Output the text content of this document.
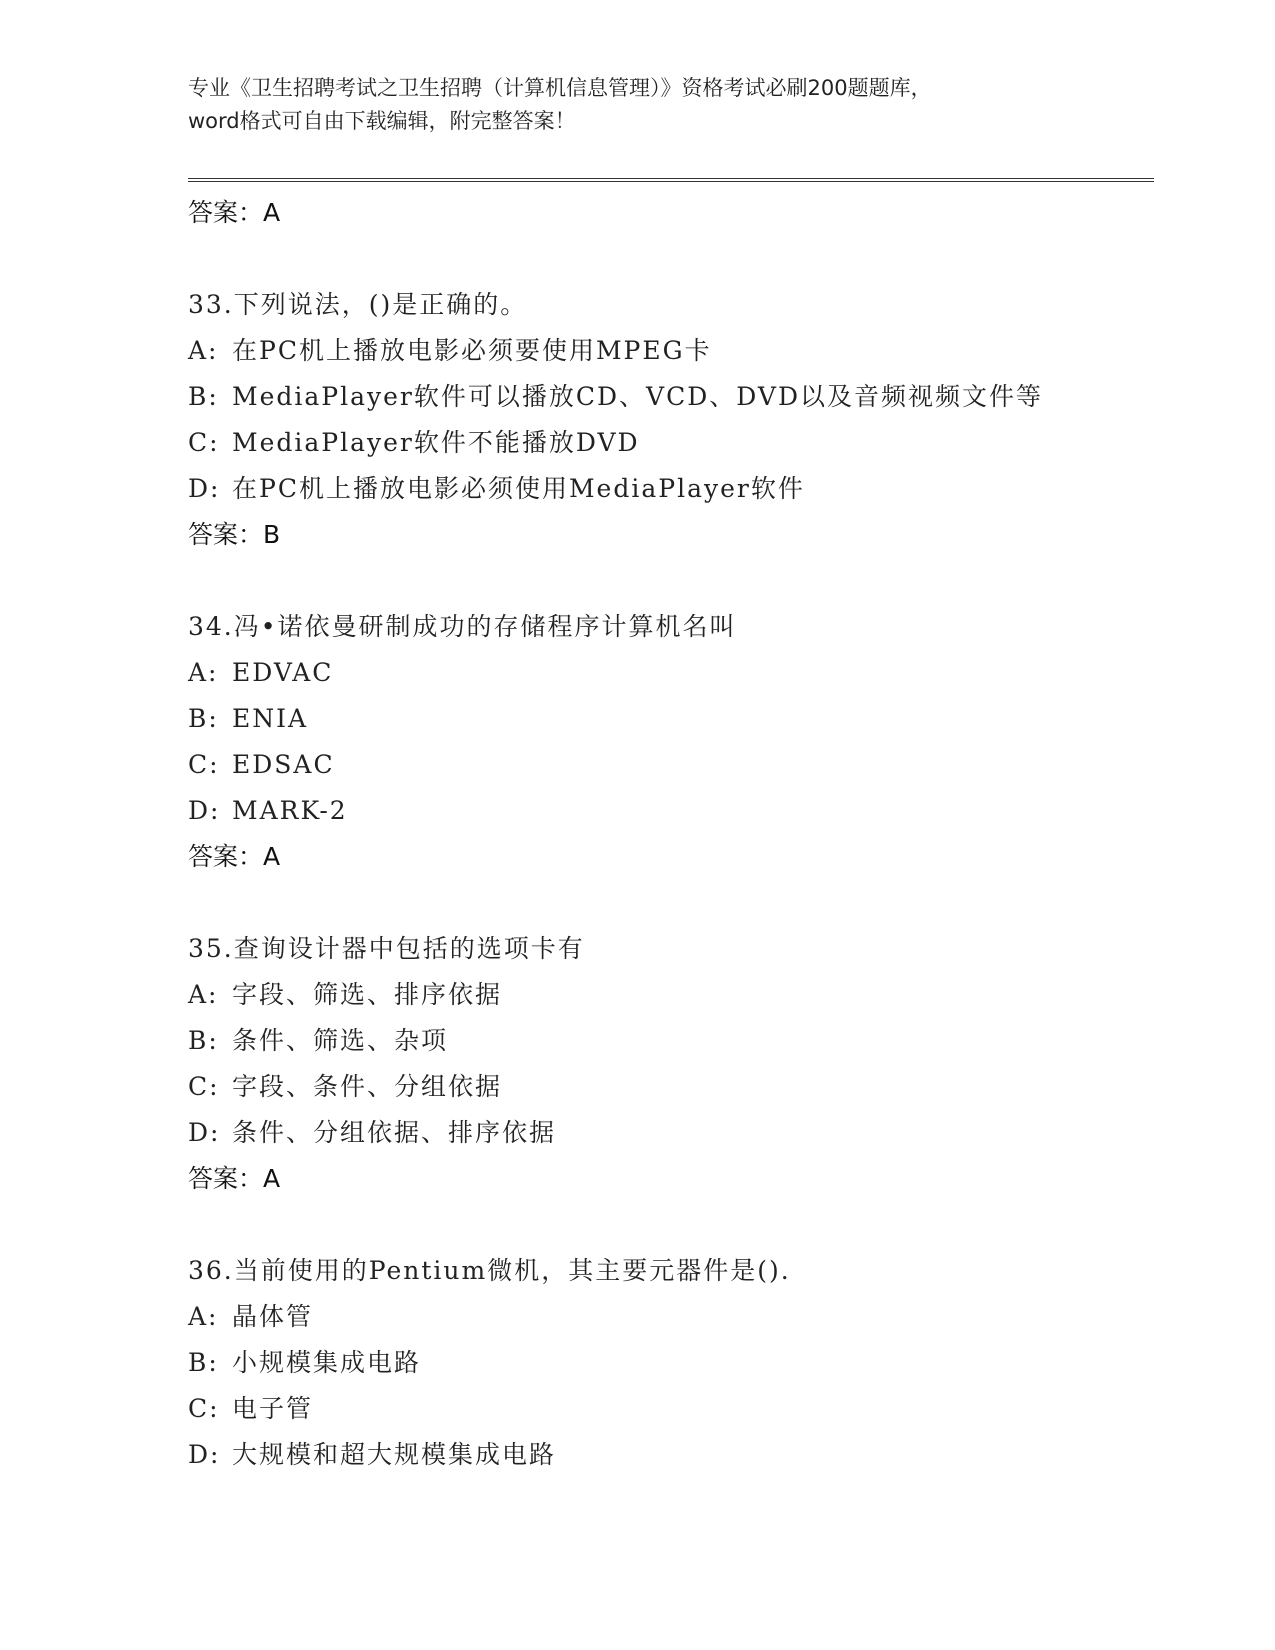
专业《卫生招聘考试之卫生招聘（计算机信息管理）》资格考试必刷200题题库，
word格式可自由下载编辑，附完整答案！
答案：A
33.下列说法，()是正确的。
A: 在PC机上播放电影必须要使用MPEG卡
B: MediaPlayer软件可以播放CD、VCD、DVD以及音频视频文件等
C: MediaPlayer软件不能播放DVD
D: 在PC机上播放电影必须使用MediaPlayer软件
答案：B
34.冯•诺依曼研制成功的存储程序计算机名叫
A: EDVAC
B: ENIA
C: EDSAC
D: MARK-2
答案：A
35.查询设计器中包括的选项卡有
A: 字段、筛选、排序依据
B: 条件、筛选、杂项
C: 字段、条件、分组依据
D: 条件、分组依据、排序依据
答案：A
36.当前使用的Pentium微机，其主要元器件是().
A: 晶体管
B: 小规模集成电路
C: 电子管
D: 大规模和超大规模集成电路
